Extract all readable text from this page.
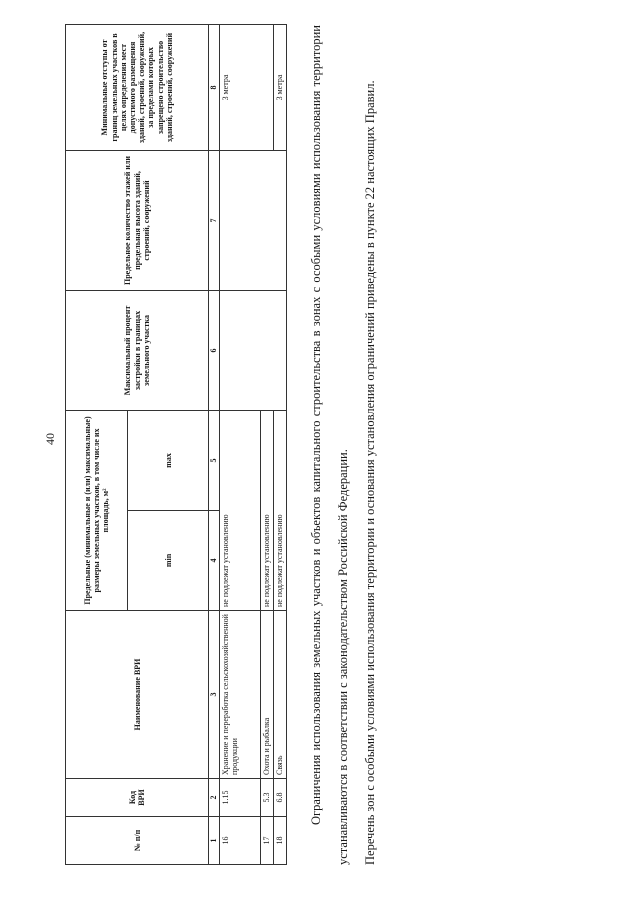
40
№ п/п	Код ВРИ	Наименование ВРИ	Предельные (минимальные и (или) максимальные) размеры земельных участков, в том числе их площадь, м²		Максимальный процент застройки в границах земельного участка	Предельное количество этажей или предельная высота зданий, строений, сооружений	Минимальные отступы от границ земельных участков в целях определения мест допустимого размещения зданий, строений, сооружений, за пределами которых запрещено строительство зданий, строений, сооружений
			min	max			
1	2	3	4	5	6	7	8
16	1.15	Хранение и переработка сельскохозяйственной продукции	не подлежат установлению				3 метра
17	5.3	Охота и рыбалка	не подлежат установлению				
18	6.8	Связь	не подлежат установлению				3 метра	Ограничения использования земельных участков и объектов капитального строительства в зонах с особыми условиями использования территории устанавливаются в соответствии с законодательством Российской Федерации.	Перечень зон с особыми условиями использования территории и основания установления ограничений приведены в пункте 22 настоящих Правил.
